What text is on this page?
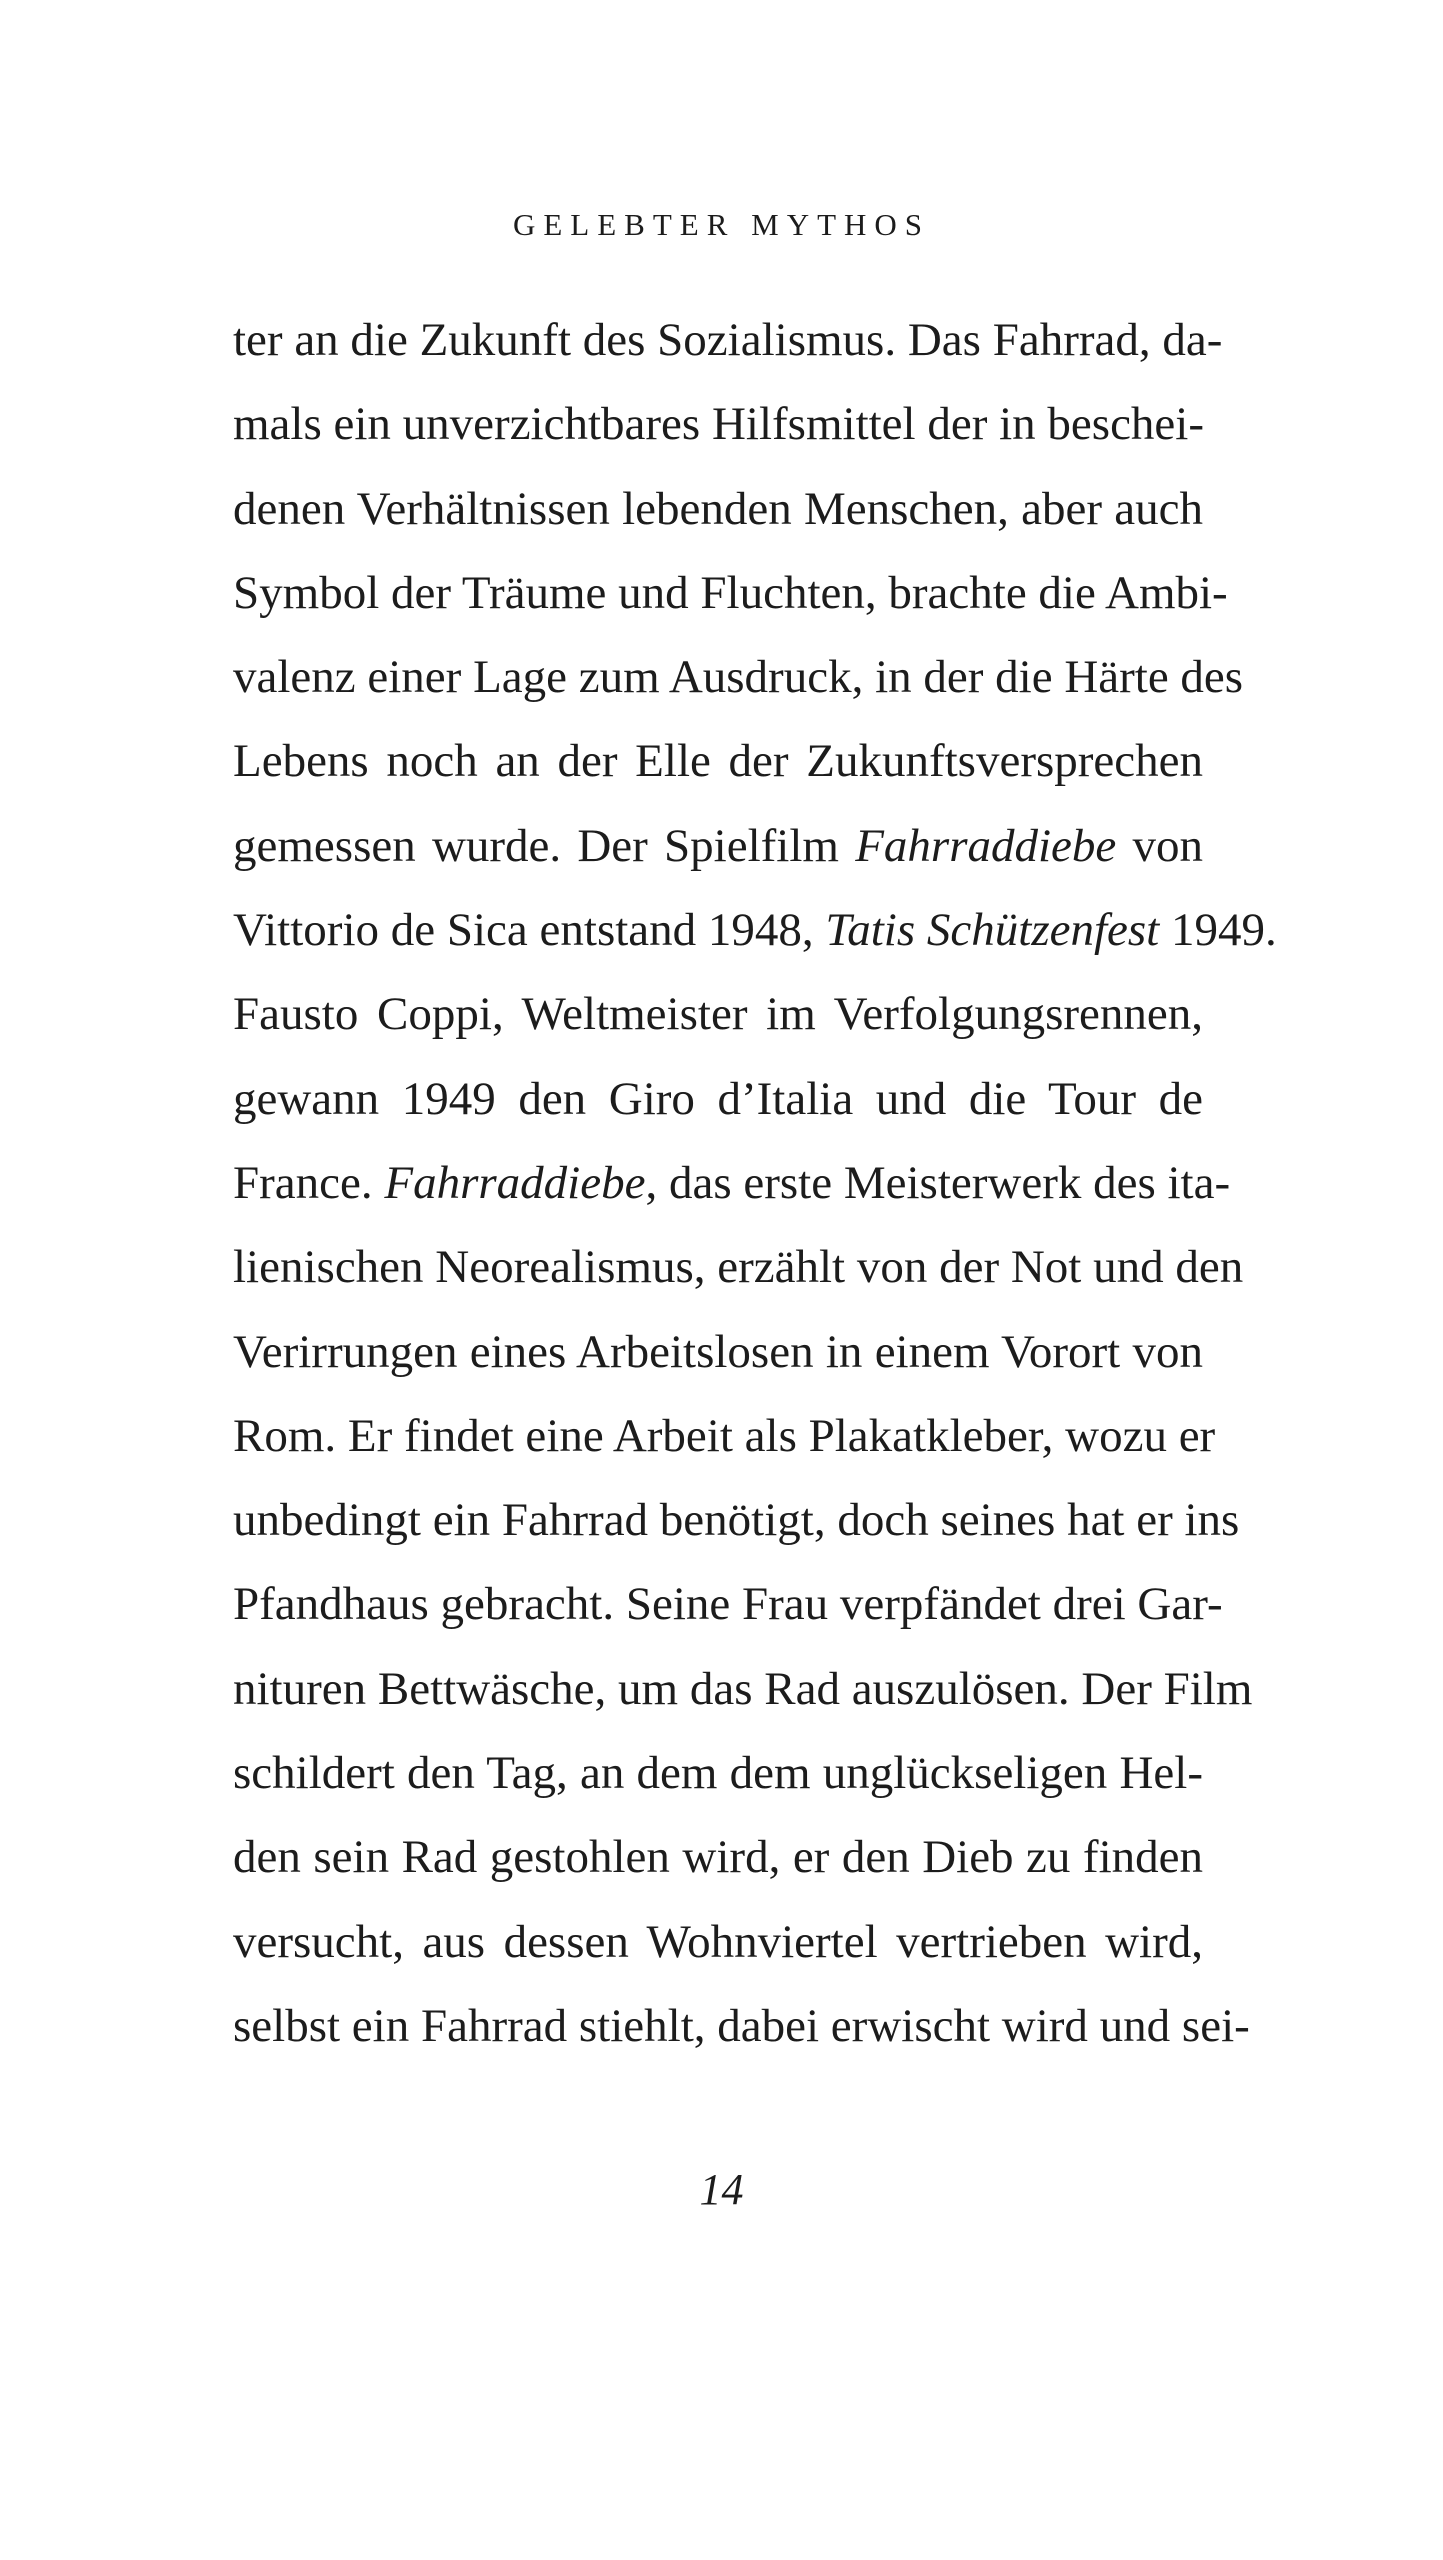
GELEBTER MYTHOS
ter an die Zukunft des Sozialismus. Das Fahrrad, da-
mals ein unverzichtbares Hilfsmittel der in beschei-
denen Verhältnissen lebenden Menschen, aber auch
Symbol der Träume und Fluchten, brachte die Ambi-
valenz einer Lage zum Ausdruck, in der die Härte des
Lebens noch an der Elle der Zukunftsversprechen
gemessen wurde. Der Spielfilm Fahrraddiebe von
Vittorio de Sica entstand 1948, Tatis Schützenfest 1949.
Fausto Coppi, Weltmeister im Verfolgungsrennen,
gewann 1949 den Giro d’Italia und die Tour de
France. Fahrraddiebe, das erste Meisterwerk des ita-
lienischen Neorealismus, erzählt von der Not und den
Verirrungen eines Arbeitslosen in einem Vorort von
Rom. Er findet eine Arbeit als Plakatkleber, wozu er
unbedingt ein Fahrrad benötigt, doch seines hat er ins
Pfandhaus gebracht. Seine Frau verpfändet drei Gar-
nituren Bettwäsche, um das Rad auszulösen. Der Film
schildert den Tag, an dem dem unglückseligen Hel-
den sein Rad gestohlen wird, er den Dieb zu finden
versucht, aus dessen Wohnviertel vertrieben wird,
selbst ein Fahrrad stiehlt, dabei erwischt wird und sei-
14
